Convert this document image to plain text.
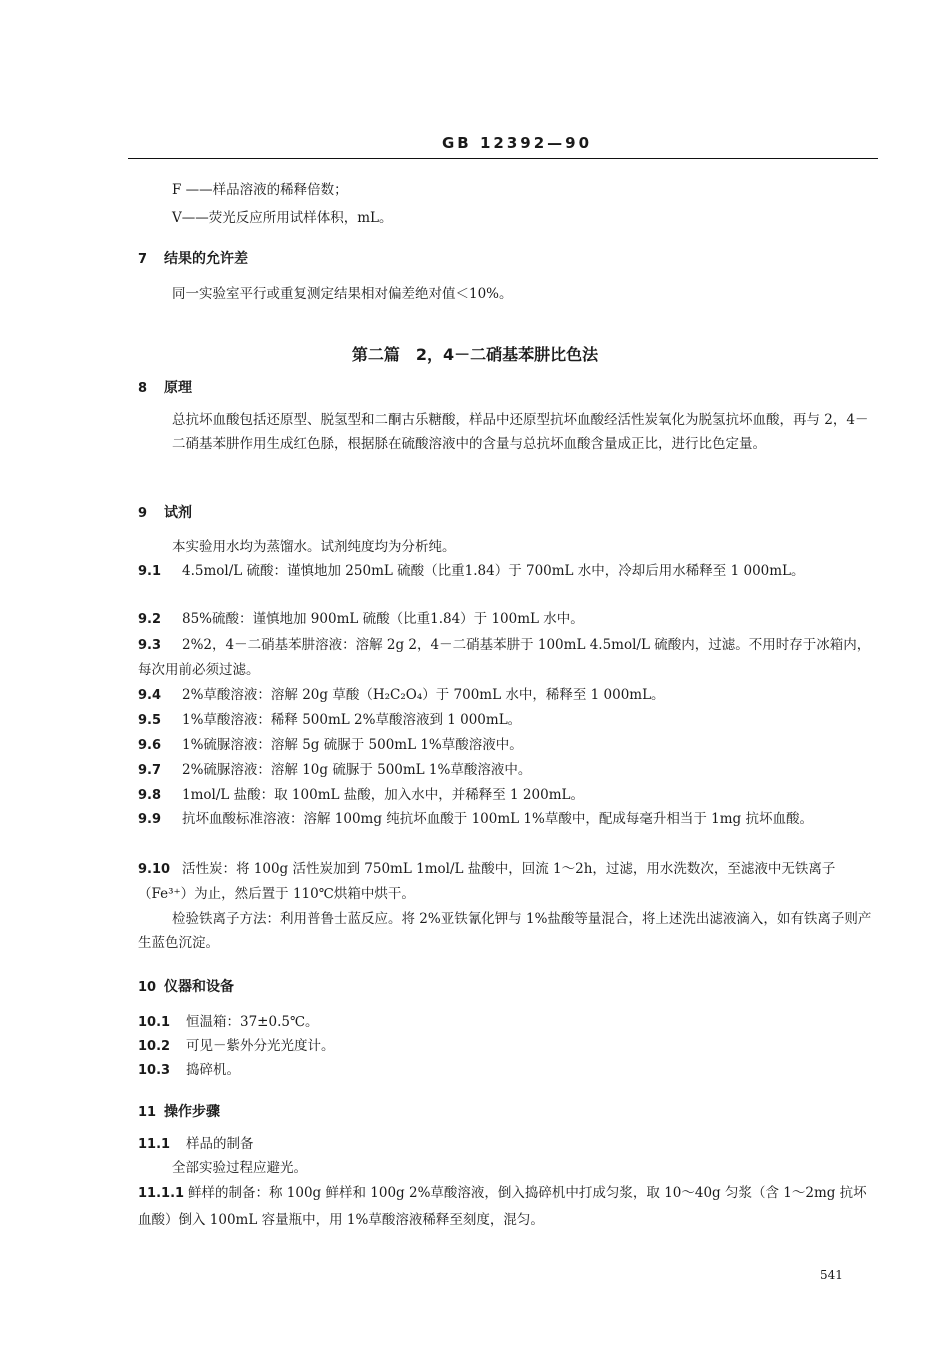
GB 12392—90
F ——样品溶液的稀释倍数；
V——荧光反应所用试样体积，mL。
7 结果的允许差
同一实验室平行或重复测定结果相对偏差绝对值＜10%。
第二篇　2，4－二硝基苯肼比色法
8 原理
总抗坏血酸包括还原型、脱氢型和二酮古乐糖酸，样品中还原型抗坏血酸经活性炭氧化为脱氢抗坏血酸，再与 2，4－二硝基苯肼作用生成红色脎，根据脎在硫酸溶液中的含量与总抗坏血酸含量成正比，进行比色定量。
9 试剂
本实验用水均为蒸馏水。试剂纯度均为分析纯。
9.1 4.5mol/L 硫酸：谨慎地加 250mL 硫酸（比重1.84）于 700mL 水中，冷却后用水稀释至 1 000mL。
9.2 85%硫酸：谨慎地加 900mL 硫酸（比重1.84）于 100mL 水中。
9.3 2%2，4－二硝基苯肼溶液：溶解 2g 2，4－二硝基苯肼于 100mL 4.5mol/L 硫酸内，过滤。不用时存于冰箱内，每次用前必须过滤。
9.4 2%草酸溶液：溶解 20g 草酸（H₂C₂O₄）于 700mL 水中，稀释至 1 000mL。
9.5 1%草酸溶液：稀释 500mL 2%草酸溶液到 1 000mL。
9.6 1%硫脲溶液：溶解 5g 硫脲于 500mL 1%草酸溶液中。
9.7 2%硫脲溶液：溶解 10g 硫脲于 500mL 1%草酸溶液中。
9.8 1mol/L 盐酸：取 100mL 盐酸，加入水中，并稀释至 1 200mL。
9.9 抗坏血酸标准溶液：溶解 100mg 纯抗坏血酸于 100mL 1%草酸中，配成每毫升相当于 1mg 抗坏血酸。
9.10 活性炭：将 100g 活性炭加到 750mL 1mol/L 盐酸中，回流 1～2h，过滤，用水洗数次，至滤液中无铁离子（Fe³⁺）为止，然后置于 110℃烘箱中烘干。
检验铁离子方法：利用普鲁士蓝反应。将 2%亚铁氰化钾与 1%盐酸等量混合，将上述洗出滤液滴入，如有铁离子则产生蓝色沉淀。
10 仪器和设备
10.1 恒温箱：37±0.5℃。
10.2 可见－紫外分光光度计。
10.3 捣碎机。
11 操作步骤
11.1 样品的制备
全部实验过程应避光。
11.1.1 鲜样的制备：称 100g 鲜样和 100g 2%草酸溶液，倒入捣碎机中打成匀浆，取 10～40g 匀浆（含 1～2mg 抗坏血酸）倒入 100mL 容量瓶中，用 1%草酸溶液稀释至刻度，混匀。
541
